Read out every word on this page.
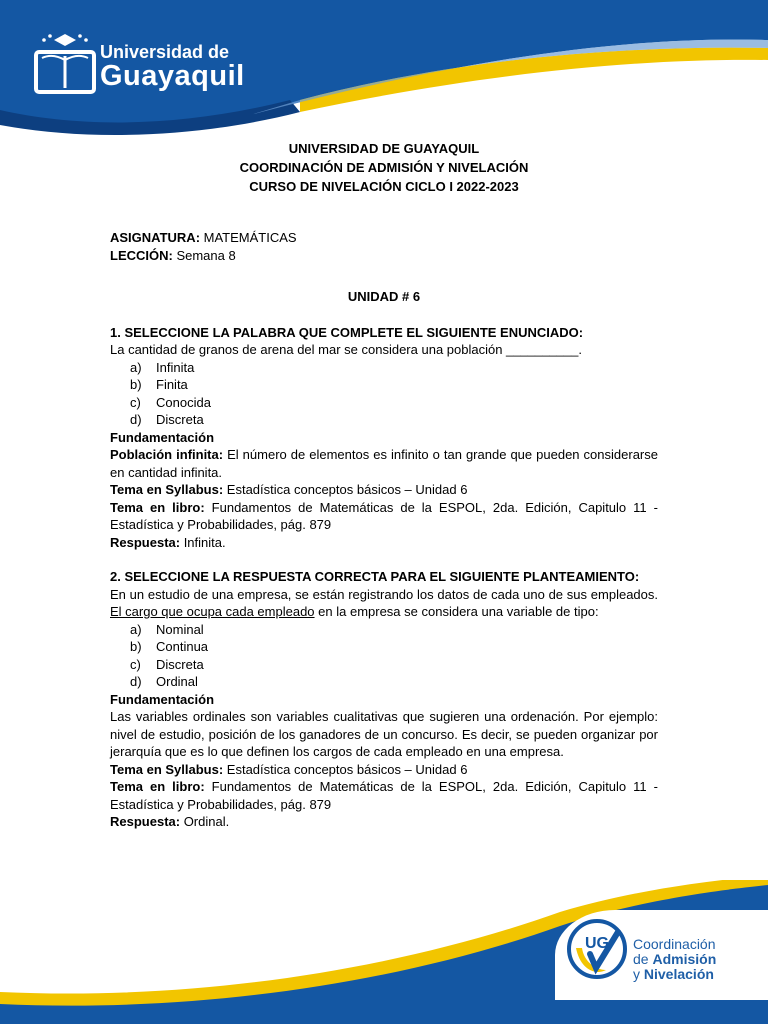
Universidad de
Guayaquil
UNIVERSIDAD DE GUAYAQUIL
COORDINACIÓN DE ADMISIÓN Y NIVELACIÓN
CURSO DE NIVELACIÓN CICLO I 2022-2023

ASIGNATURA: MATEMÁTICAS

LECCIÓN: Semana 8

UNIDAD # 6

1. SELECCIONE LA PALABRA QUE COMPLETE EL SIGUIENTE ENUNCIADO:

La cantidad de granos de arena del mar se considera una población __________.

a) Infinita
b) Finita
c) Conocida
d) Discreta

Fundamentación

Población infinita: El número de elementos es infinito o tan grande que pueden considerarse en cantidad infinita.

Tema en Syllabus: Estadística conceptos básicos – Unidad 6

Tema en libro: Fundamentos de Matemáticas de la ESPOL, 2da. Edición, Capitulo 11 - Estadística y Probabilidades, pág. 879

Respuesta: Infinita.

2. SELECCIONE LA RESPUESTA CORRECTA PARA EL SIGUIENTE PLANTEAMIENTO:

En un estudio de una empresa, se están registrando los datos de cada uno de sus empleados. El cargo que ocupa cada empleado en la empresa se considera una variable de tipo:

a) Nominal
b) Continua
c) Discreta
d) Ordinal

Fundamentación

Las variables ordinales son variables cualitativas que sugieren una ordenación. Por ejemplo: nivel de estudio, posición de los ganadores de un concurso. Es decir, se pueden organizar por jerarquía que es lo que definen los cargos de cada empleado en una empresa.

Tema en Syllabus: Estadística conceptos básicos – Unidad 6

Tema en libro: Fundamentos de Matemáticas de la ESPOL, 2da. Edición, Capitulo 11 - Estadística y Probabilidades, pág. 879

Respuesta: Ordinal.

UG Coordinación
de Admisión
y Nivelación
